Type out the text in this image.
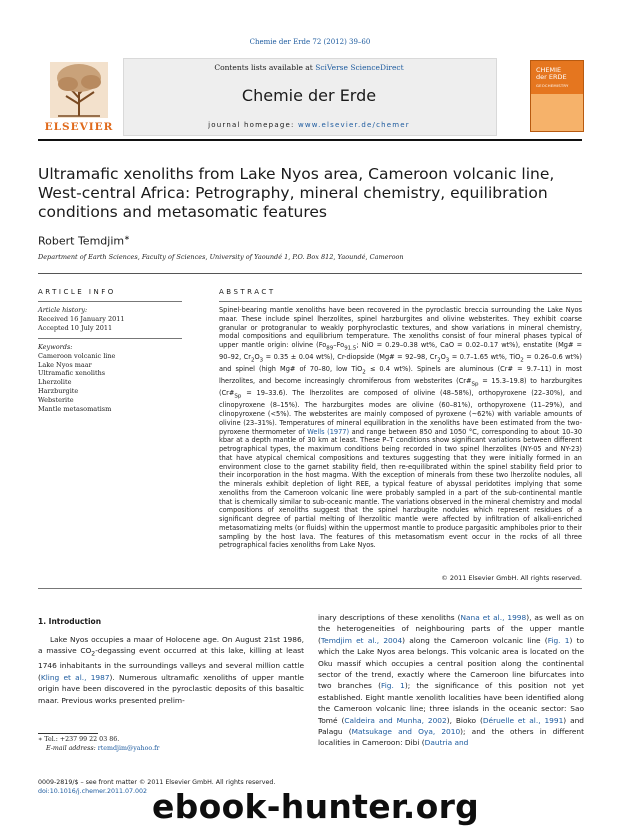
Chemie der Erde 72 (2012) 39–60
ELSEVIER
Contents lists available at SciVerse ScienceDirect
Chemie der Erde
journal homepage: www.elsevier.de/chemer
CHEMIE
der ERDE
GEOCHEMISTRY
Ultramafic xenoliths from Lake Nyos area, Cameroon volcanic line, West-central Africa: Petrography, mineral chemistry, equilibration conditions and metasomatic features
Robert Temdjim∗
Department of Earth Sciences, Faculty of Sciences, University of Yaoundé 1, P.O. Box 812, Yaoundé, Cameroon
ARTICLE INFO	ABSTRACT
Article history:
Received 16 January 2011
Accepted 10 July 2011
Keywords:
Cameroon volcanic line
Lake Nyos maar
Ultramafic xenoliths
Lherzolite
Harzburgite
Websterite
Mantle metasomatism
Spinel-bearing mantle xenoliths have been recovered in the pyroclastic breccia surrounding the Lake Nyos maar. These include spinel lherzolites, spinel harzburgites and olivine websterites. They exhibit coarse granular or protogranular to weakly porphyroclastic textures, and show variations in mineral chemistry, modal compositions and equilibrium temperature. The xenoliths consist of four mineral phases typical of upper mantle origin: olivine ($Fo_{89}-Fo_{91.5}$; NiO = 0.29–0.38 wt%, CaO = 0.02–0.17 wt%), enstatite (Mg# = 90–92, $Cr_2O_3 = 0.35 \pm 0.04$ wt%), Cr-diopside (Mg# = 92–98, $Cr_2O_3 = 0.7-1.65$ wt%, TiO$_2$ = 0.26–0.6 wt%) and spinel (high Mg# of 70–80, low TiO$_2$ ≤ 0.4 wt%). Spinels are aluminous (Cr# = 9.7–11) in most lherzolites, and become increasingly chromiferous from websterites $(Cr\#_{Sp} = 15.3-19.8)$ to harzburgites $(Cr\#_{Sp} = 19-33.6)$. The lherzolites are composed of olivine (48–58%), orthopyroxene (22–30%), and clinopyroxene (8–15%). The harzburgites modes are olivine (60–81%), orthopyroxene (11–29%), and clinopyroxene (<5%). The websterites are mainly composed of pyroxene (~62%) with variable amounts of olivine (23–31%). Temperatures of mineral equilibration in the xenoliths have been estimated from the two-pyroxene thermometer of Wells (1977) and range between 850 and 1050 °C, corresponding to about 10–30 kbar at a depth mantle of 30 km at least. These P–T conditions show significant variations between different petrographical types, the maximum conditions being recorded in two spinel lherzolites (NY-05 and NY-23) that have atypical chemical compositions and textures suggesting that they were initially formed in an environment close to the garnet stability field, then re-equilibrated within the spinel stability field prior to their incorporation in the host magma. With the exception of minerals from these two lherzolite nodules, all the minerals exhibit depletion of light REE, a typical feature of abyssal peridotites implying that some xenoliths from the Cameroon volcanic line were probably sampled in a part of the sub-continental mantle that is chemically similar to sub-oceanic mantle. The variations observed in the mineral chemistry and modal compositions of xenoliths suggest that the spinel harzbugite nodules which represent residues of a significant degree of partial melting of lherzolitic mantle were affected by infiltration of alkali-enriched metasomatizing melts (or fluids) within the uppermost mantle to produce pargasitic amphiboles prior to their sampling by the host lava. The features of this metasomatism event occur in the rocks of all three petrographical facies xenoliths from Lake Nyos.
© 2011 Elsevier GmbH. All rights reserved.
1. Introduction

Lake Nyos occupies a maar of Holocene age. On August 21st 1986, a massive $CO_2$-degassing event occurred at this lake, killing at least 1746 inhabitants in the surroundings valleys and several million cattle (Kling et al., 1987). Numerous ultramafic xenoliths of upper mantle origin have been discovered in the pyroclastic deposits of this basaltic maar. Previous works presented prelim-

inary descriptions of these xenoliths (Nana et al., 1998), as well as on the heterogeneities of neighbouring parts of the upper mantle (Temdjim et al., 2004) along the Cameroon volcanic line (Fig. 1) to which the Lake Nyos area belongs. This volcanic area is located on the Oku massif which occupies a central position along the continental sector of the trend, exactly where the Cameroon line bifurcates into two branches (Fig. 1); the significance of this position not yet established. Eight mantle xenolith localities have been identified along the Cameroon volcanic line; three islands in the oceanic sector: Sao Tomé (Caldeira and Munha, 2002), Bioko (Déruelle et al., 1991) and Palagu (Matsukage and Oya, 2010); and the others in different localities in Cameroon: Dibi (Dautria and

∗ Tel.: +237 99 22 03 86.
E-mail address: rtemdjim@yahoo.fr
0009-2819/$ – see front matter © 2011 Elsevier GmbH. All rights reserved.
doi:10.1016/j.chemer.2011.07.002 ebook-hunter.org
